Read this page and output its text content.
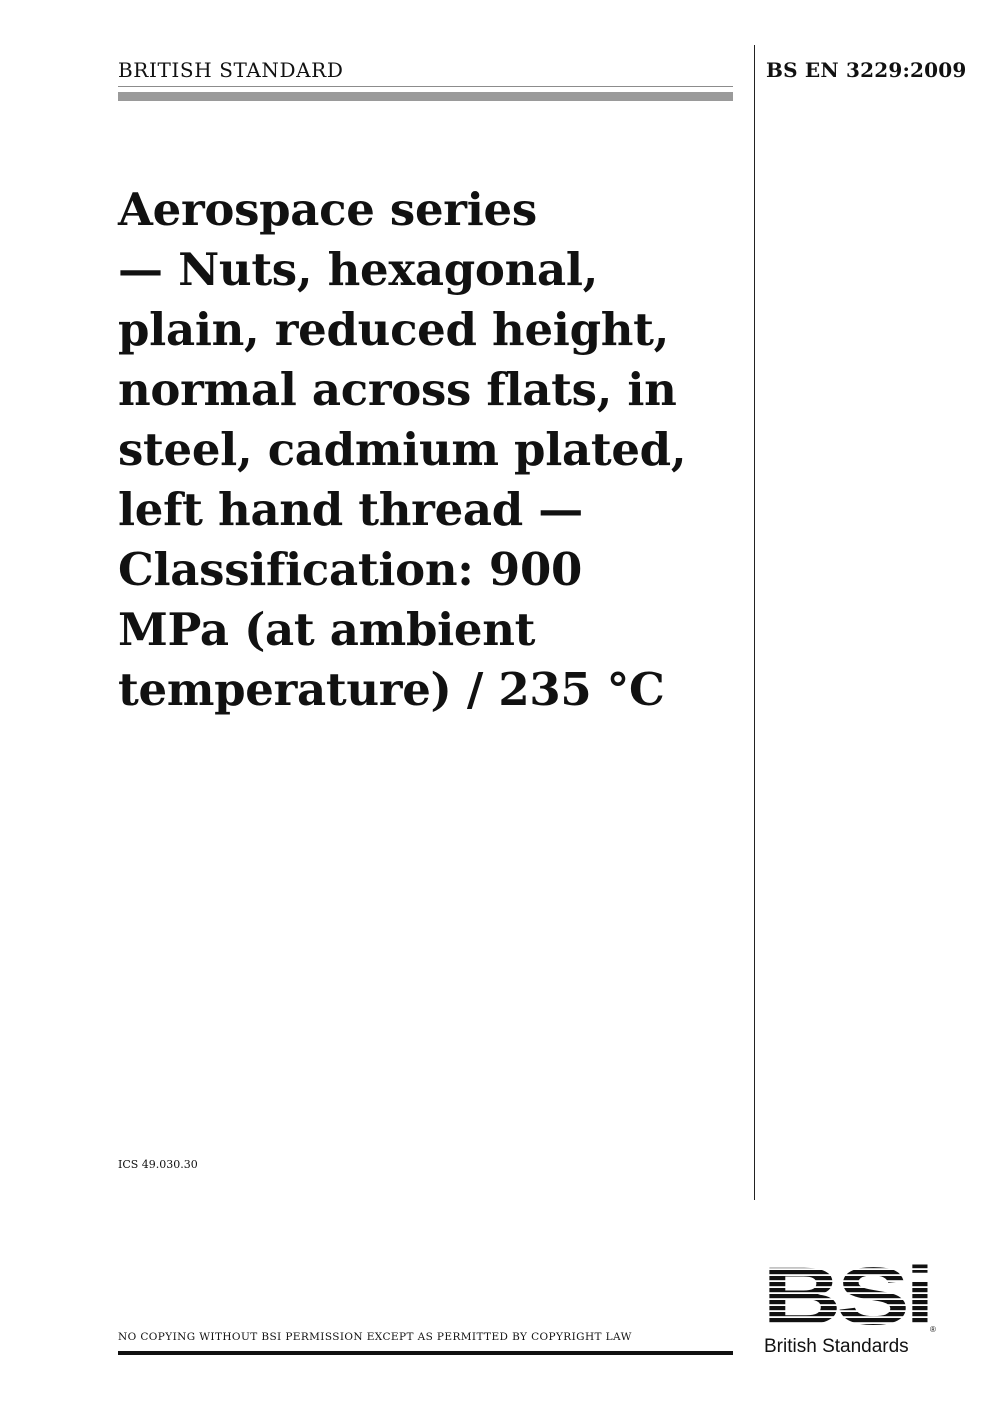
BRITISH STANDARD	BS EN 3229:2009
Aerospace series
— Nuts, hexagonal,
plain, reduced height,
normal across flats, in
steel, cadmium plated,
left hand thread —
Classification: 900
MPa (at ambient
temperature) / 235 °C
ICS 49.030.30
NO COPYING WITHOUT BSI PERMISSION EXCEPT AS PERMITTED BY COPYRIGHT LAW
®
British Standards
